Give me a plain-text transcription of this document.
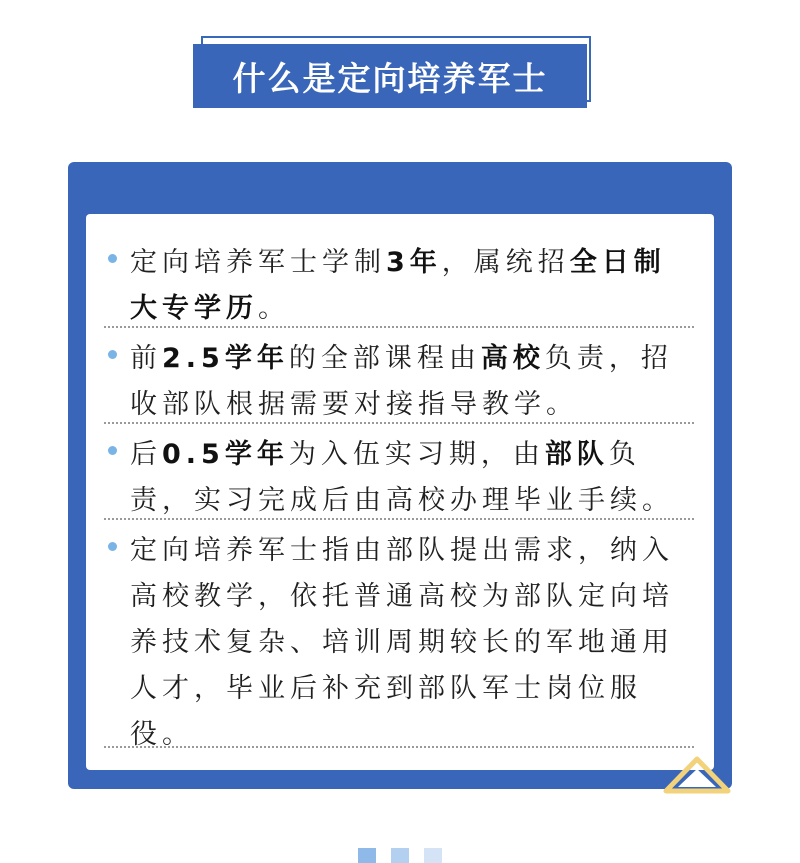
什么是定向培养军士

定向培养军士学制3年，属统招全日制大专学历。

前2.5学年的全部课程由高校负责，招收部队根据需要对接指导教学。

后0.5学年为入伍实习期，由部队负责，实习完成后由高校办理毕业手续。

定向培养军士指由部队提出需求，纳入高校教学，依托普通高校为部队定向培养技术复杂、培训周期较长的军地通用人才，毕业后补充到部队军士岗位服役。
